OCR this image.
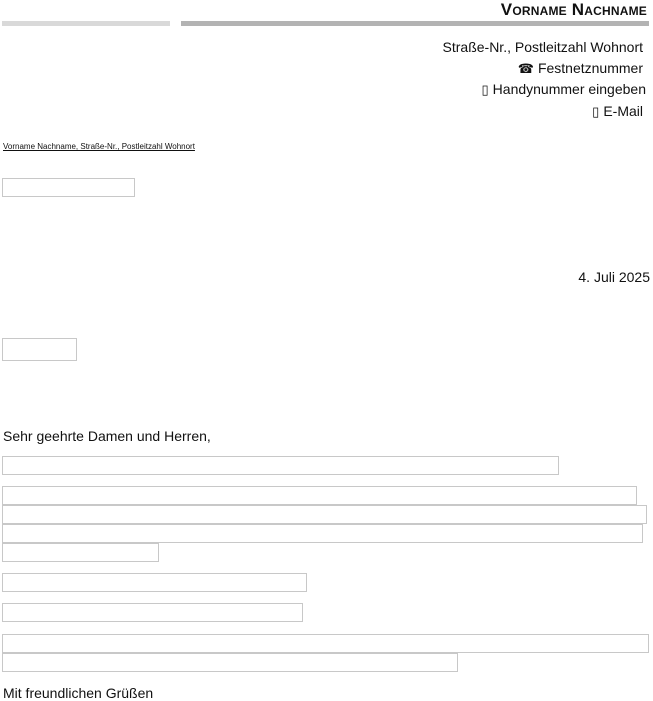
Vorname Nachname
Straße-Nr., Postleitzahl Wohnort
☎ Festnetznummer
▯ Handynummer eingeben
▯ E-Mail
Vorname Nachname, Straße-Nr., Postleitzahl Wohnort
4. Juli 2025
Sehr geehrte Damen und Herren,
Mit freundlichen Grüßen
